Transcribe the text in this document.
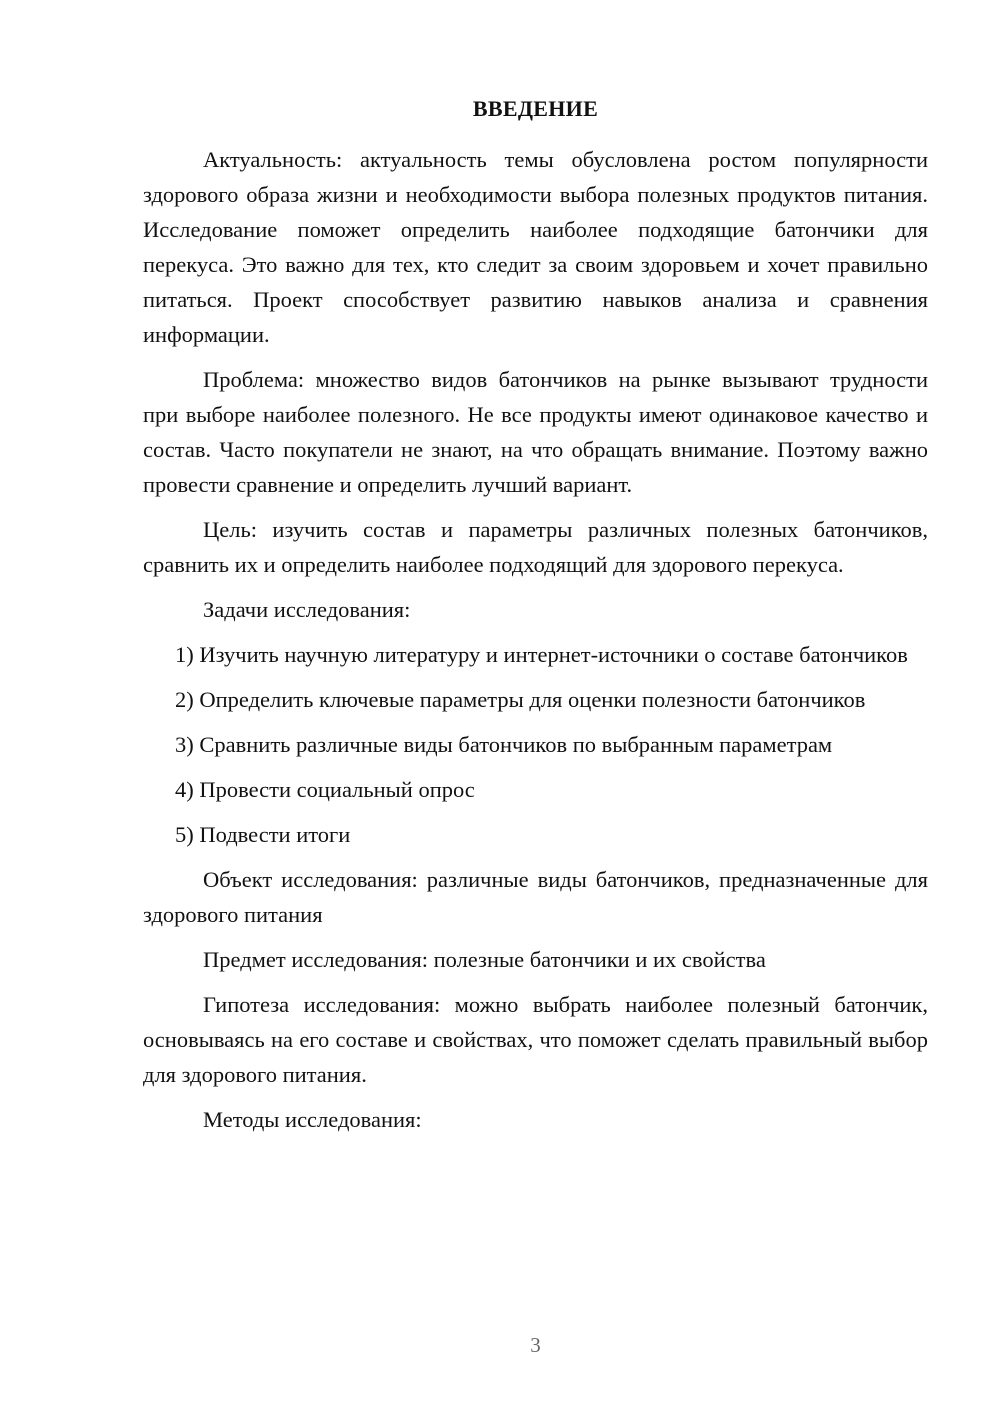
ВВЕДЕНИЕ

Актуальность: актуальность темы обусловлена ростом популярности здорового образа жизни и необходимости выбора полезных продуктов питания. Исследование поможет определить наиболее подходящие батончики для перекуса. Это важно для тех, кто следит за своим здоровьем и хочет правильно питаться. Проект способствует развитию навыков анализа и сравнения информации.

Проблема: множество видов батончиков на рынке вызывают трудности при выборе наиболее полезного. Не все продукты имеют одинаковое качество и состав. Часто покупатели не знают, на что обращать внимание. Поэтому важно провести сравнение и определить лучший вариант.

Цель: изучить состав и параметры различных полезных батончиков, сравнить их и определить наиболее подходящий для здорового перекуса.

Задачи исследования:

1) Изучить научную литературу и интернет-источники о составе батончиков

2) Определить ключевые параметры для оценки полезности батончиков

3) Сравнить различные виды батончиков по выбранным параметрам

4) Провести социальный опрос

5) Подвести итоги

Объект исследования: различные виды батончиков, предназначенные для здорового питания

Предмет исследования: полезные батончики и их свойства

Гипотеза исследования: можно выбрать наиболее полезный батончик, основываясь на его составе и свойствах, что поможет сделать правильный выбор для здорового питания.

Методы исследования:

3
